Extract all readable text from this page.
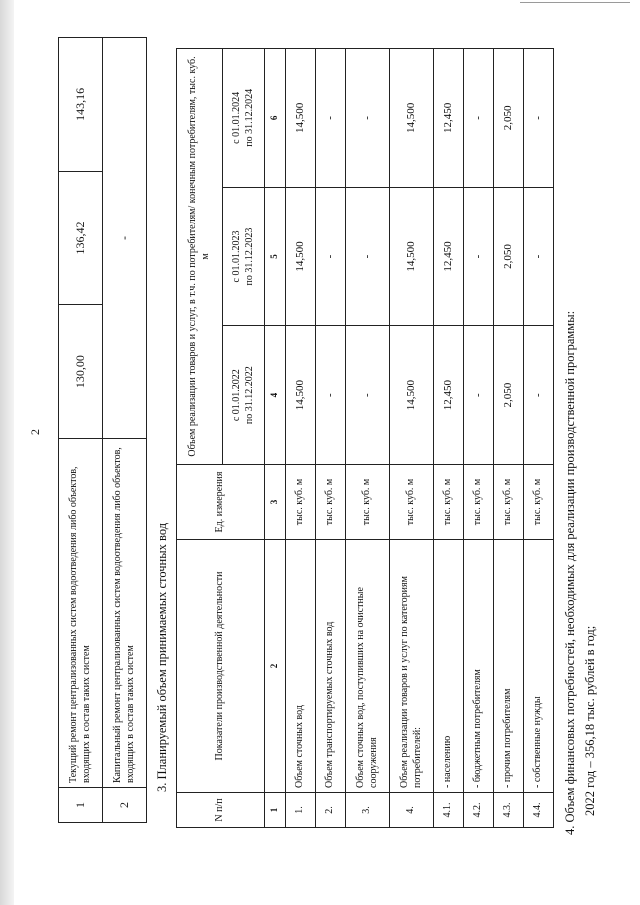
2
1	Текущий ремонт централизованных систем водоотведения либо объектов, входящих в состав таких систем	130,00	136,42	143,16
2	Капитальный ремонт централизованных систем водоотведения либо объектов, входящих в состав таких систем	-		
3. Планируемый объем принимаемых сточных вод
N п/п	Показатели производственной деятельности	Ед. измерения	Объем реализации товаров и услуг, в т.ч. по потребителям/ конечным потребителям, тыс. куб. м		
			с 01.01.2022 по 31.12.2022	с 01.01.2023 по 31.12.2023	с 01.01.2024 по 31.12.2024
1	2	3	4	5	6
1.	Объем сточных вод	тыс. куб. м	14,500	14,500	14,500
2.	Объем транспортируемых сточных вод	тыс. куб. м	-	-	-
3.	Объем сточных вод, поступивших на очистные сооружения	тыс. куб. м	-	-	-
4.	Объем реализации товаров и услуг по категориям потребителей:	тыс. куб. м	14,500	14,500	14,500
4.1.	- населению	тыс. куб. м	12,450	12,450	12,450
4.2.	- бюджетным потребителям	тыс. куб. м	-	-	-
4.3.	- прочим потребителям	тыс. куб. м	2,050	2,050	2,050
4.4.	- собственные нужды	тыс. куб. м	-	-	-
4. Объем финансовых потребностей, необходимых для реализации производственной программы: 2022 год – 356,18 тыс. рублей в год;
